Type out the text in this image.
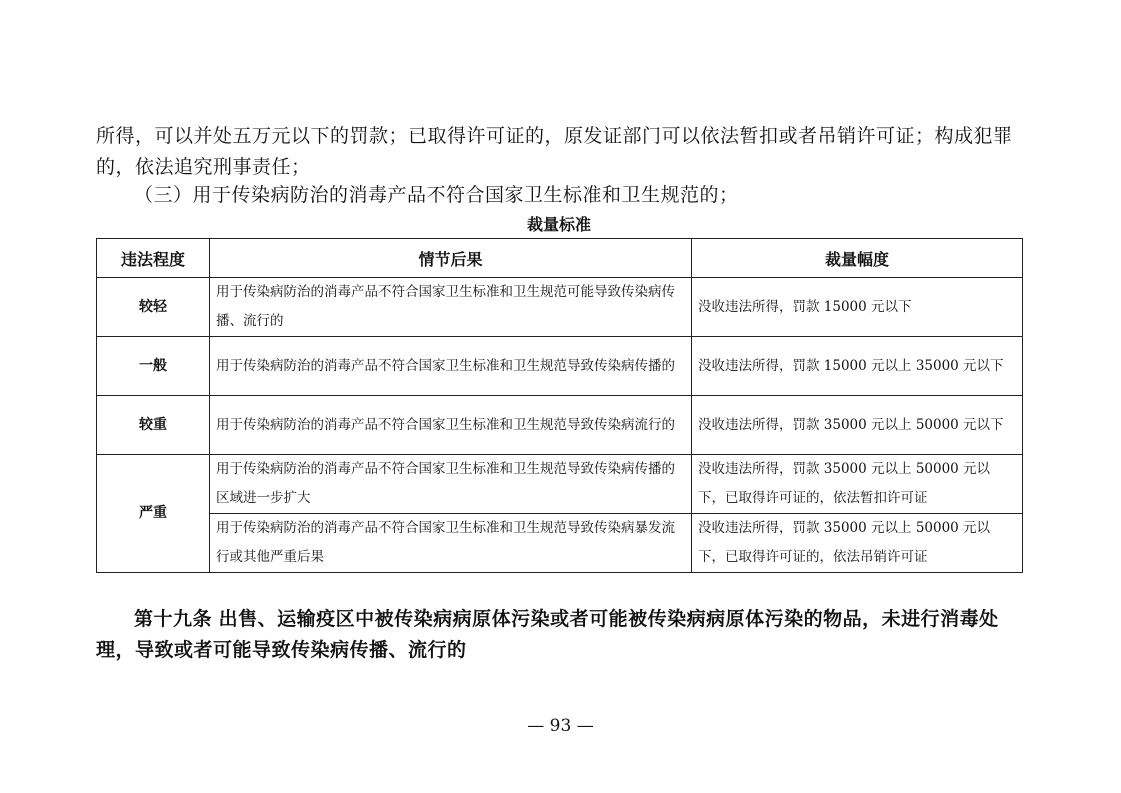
所得，可以并处五万元以下的罚款；已取得许可证的，原发证部门可以依法暂扣或者吊销许可证；构成犯罪的，依法追究刑事责任；

（三）用于传染病防治的消毒产品不符合国家卫生标准和卫生规范的；

裁量标准
违法程度	情节后果	裁量幅度
较轻	用于传染病防治的消毒产品不符合国家卫生标准和卫生规范可能导致传染病传播、流行的	没收违法所得，罚款 15000 元以下
一般	用于传染病防治的消毒产品不符合国家卫生标准和卫生规范导致传染病传播的	没收违法所得，罚款 15000 元以上 35000 元以下
较重	用于传染病防治的消毒产品不符合国家卫生标准和卫生规范导致传染病流行的	没收违法所得，罚款 35000 元以上 50000 元以下
严重	用于传染病防治的消毒产品不符合国家卫生标准和卫生规范导致传染病传播的区域进一步扩大	没收违法所得，罚款 35000 元以上 50000 元以下，已取得许可证的，依法暂扣许可证
	用于传染病防治的消毒产品不符合国家卫生标准和卫生规范导致传染病暴发流行或其他严重后果	没收违法所得，罚款 35000 元以上 50000 元以下，已取得许可证的，依法吊销许可证
第十九条 出售、运输疫区中被传染病病原体污染或者可能被传染病病原体污染的物品，未进行消毒处理，导致或者可能导致传染病传播、流行的
— 93 —
